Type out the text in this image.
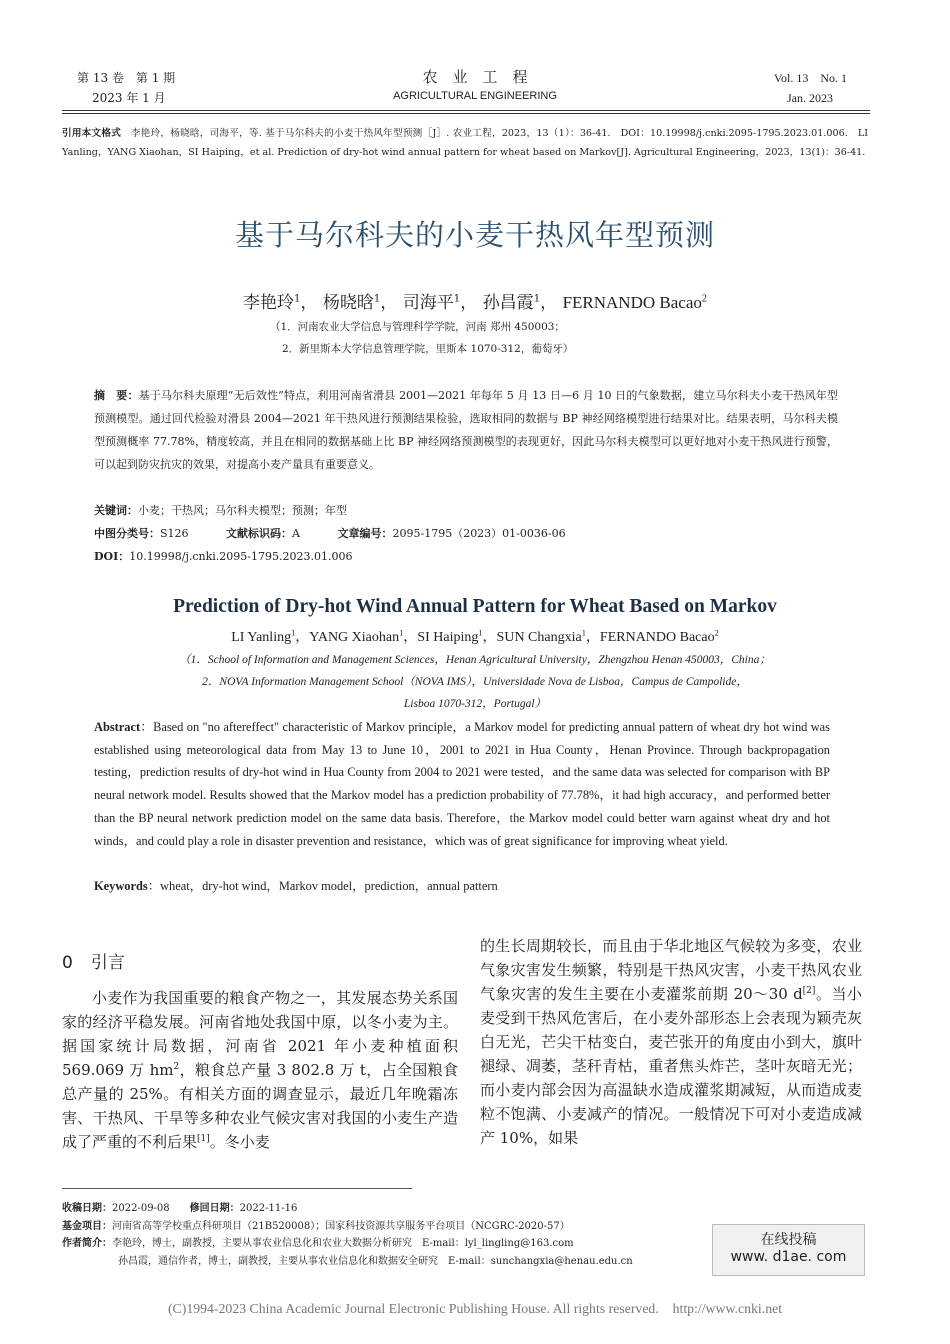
第 13 卷　第 1 期
2023 年 1 月
农　业　工　程
AGRICULTURAL ENGINEERING
Vol. 13　No. 1
Jan. 2023
引用本文格式　 李艳玲，杨晓晗，司海平，等. 基于马尔科夫的小麦干热风年型预测［J］. 农业工程，2023，13（1）：36-41.　DOI：10.19998/j.cnki.2095-1795.2023.01.006.　LI Yanling，YANG Xiaohan，SI Haiping，et al. Prediction of dry-hot wind annual pattern for wheat based on Markov[J]. Agricultural Engineering，2023，13(1)：36-41.
基于马尔科夫的小麦干热风年型预测
李艳玲$^1$， 杨晓晗$^1$， 司海平$^1$， 孙昌霞$^1$， FERNANDO Bacao$^2$
（1．河南农业大学信息与管理科学学院，河南 郑州 450003；
2．新里斯本大学信息管理学院，里斯本 1070-312，葡萄牙）
摘　要：基于马尔科夫原理“无后效性”特点，利用河南省滑县 2001—2021 年每年 5 月 13 日—6 月 10 日的气象数据，建立马尔科夫小麦干热风年型预测模型。通过回代检验对滑县 2004—2021 年干热风进行预测结果检验，选取相同的数据与 BP 神经网络模型进行结果对比。结果表明，马尔科夫模型预测概率 77.78%，精度较高，并且在相同的数据基础上比 BP 神经网络预测模型的表现更好，因此马尔科夫模型可以更好地对小麦干热风进行预警，可以起到防灾抗灾的效果，对提高小麦产量具有重要意义。
关键词：小麦；干热风；马尔科夫模型；预测；年型
中图分类号：S126	文献标识码：A	文章编号：2095-1795（2023）01-0036-06
DOI：10.19998/j.cnki.2095-1795.2023.01.006
Prediction of Dry-hot Wind Annual Pattern for Wheat Based on Markov
LI Yanling$^1$，YANG Xiaohan$^1$，SI Haiping$^1$，SUN Changxia$^1$，FERNANDO Bacao$^2$
（1．School of Information and Management Sciences，Henan Agricultural University，Zhengzhou Henan 450003，China；
2．NOVA Information Management School（NOVA IMS），Universidade Nova de Lisboa，Campus de Campolide，
Lisboa 1070-312，Portugal）
Abstract：Based on "no aftereffect" characteristic of Markov principle，a Markov model for predicting annual pattern of wheat dry hot wind was established using meteorological data from May 13 to June 10，2001 to 2021 in Hua County，Henan Province. Through backpropagation testing，prediction results of dry-hot wind in Hua County from 2004 to 2021 were tested，and the same data was selected for comparison with BP neural network model. Results showed that the Markov model has a prediction probability of 77.78%，it had high accuracy，and performed better than the BP neural network prediction model on the same data basis. Therefore，the Markov model could better warn against wheat dry and hot winds，and could play a role in disaster prevention and resistance，which was of great significance for improving wheat yield.
Keywords：wheat，dry-hot wind，Markov model，prediction，annual pattern
0 引言
小麦作为我国重要的粮食产物之一，其发展态势关系国家的经济平稳发展。河南省地处我国中原，以冬小麦为主。据国家统计局数据，河南省 2021 年小麦种植面积 569.069 万 $hm^2$，粮食总产量 3 802.8 万 t，占全国粮食总产量的 25%。有相关方面的调查显示，最近几年晚霜冻害、干热风、干旱等多种农业气候灾害对我国的小麦生产造成了严重的不利后果[1]。冬小麦
的生长周期较长，而且由于华北地区气候较为多变，农业气象灾害发生频繁，特别是干热风灾害，小麦干热风农业气象灾害的发生主要在小麦灌浆前期 20～30 d[2]。当小麦受到干热风危害后，在小麦外部形态上会表现为颖壳灰白无光，芒尖干枯变白，麦芒张开的角度由小到大，旗叶褪绿、凋萎，茎秆青枯，重者焦头炸芒，茎叶灰暗无光；而小麦内部会因为高温缺水造成灌浆期减短，从而造成麦粒不饱满、小麦减产的情况。一般情况下可对小麦造成减产 10%，如果
收稿日期：2022-09-08 修回日期：2022-11-16
基金项目：河南省高等学校重点科研项目（21B520008）；国家科技资源共享服务平台项目（NCGRC-2020-57）
作者简介：李艳玲，博士，副教授，主要从事农业信息化和农业大数据分析研究　E-mail：lyl_lingling@163.com
孙昌霞，通信作者，博士，副教授，主要从事农业信息化和数据安全研究　E-mail：sunchangxia@henau.edu.cn
在线投稿
www. d1ae. com
(C)1994-2023 China Academic Journal Electronic Publishing House. All rights reserved.　http://www.cnki.net
